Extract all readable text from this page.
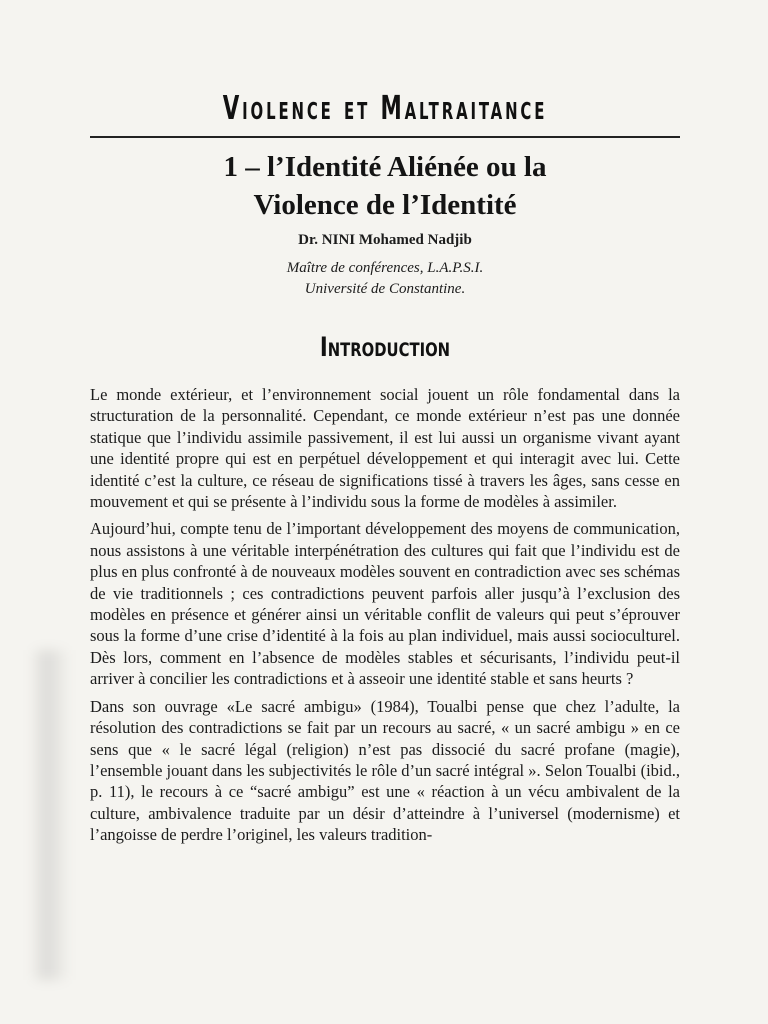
Violence et Maltraitance
1 – l’Identité Aliénée ou la
Violence de l’Identité
Dr. NINI Mohamed Nadjib
Maître de conférences, L.A.P.S.I.
Université de Constantine.
Introduction

Le monde extérieur, et l’environnement social jouent un rôle fondamental dans la structuration de la personnalité. Cependant, ce monde extérieur n’est pas une donnée statique que l’individu assimile passivement, il est lui aussi un organisme vivant ayant une identité propre qui est en perpétuel développement et qui interagit avec lui. Cette identité c’est la culture, ce réseau de significations tissé à travers les âges, sans cesse en mouvement et qui se présente à l’individu sous la forme de modèles à assimiler.

Aujourd’hui, compte tenu de l’important développement des moyens de communication, nous assistons à une véritable interpénétration des cultures qui fait que l’individu est de plus en plus confronté à de nouveaux modèles souvent en contradiction avec ses schémas de vie traditionnels ; ces contradictions peuvent parfois aller jusqu’à l’exclusion des modèles en présence et générer ainsi un véritable conflit de valeurs qui peut s’éprouver sous la forme d’une crise d’identité à la fois au plan individuel, mais aussi socioculturel. Dès lors, comment en l’absence de modèles stables et sécurisants, l’individu peut-il arriver à concilier les contradictions et à asseoir une identité stable et sans heurts ?

Dans son ouvrage «Le sacré ambigu» (1984), Toualbi pense que chez l’adulte, la résolution des contradictions se fait par un recours au sacré, « un sacré ambigu » en ce sens que « le sacré légal (religion) n’est pas dissocié du sacré profane (magie), l’ensemble jouant dans les subjectivités le rôle d’un sacré intégral ». Selon Toualbi (ibid., p. 11), le recours à ce “sacré ambigu” est une « réaction à un vécu ambivalent de la culture, ambivalence traduite par un désir d’atteindre à l’universel (modernisme) et l’angoisse de perdre l’originel, les valeurs tradition-
